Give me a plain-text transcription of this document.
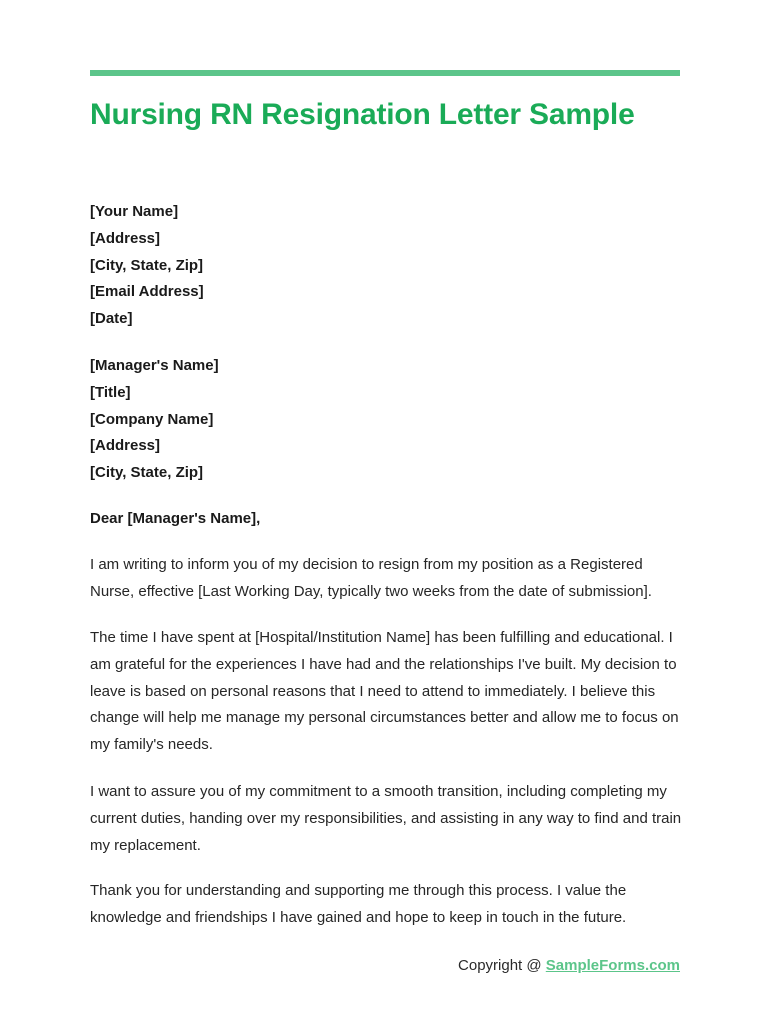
Nursing RN Resignation Letter Sample
[Your Name]
[Address]
[City, State, Zip]
[Email Address]
[Date]
[Manager's Name]
[Title]
[Company Name]
[Address]
[City, State, Zip]
Dear [Manager's Name],

I am writing to inform you of my decision to resign from my position as a Registered Nurse, effective [Last Working Day, typically two weeks from the date of submission].

The time I have spent at [Hospital/Institution Name] has been fulfilling and educational. I am grateful for the experiences I have had and the relationships I've built. My decision to leave is based on personal reasons that I need to attend to immediately. I believe this change will help me manage my personal circumstances better and allow me to focus on my family's needs.

I want to assure you of my commitment to a smooth transition, including completing my current duties, handing over my responsibilities, and assisting in any way to find and train my replacement.

Thank you for understanding and supporting me through this process. I value the knowledge and friendships I have gained and hope to keep in touch in the future.

Copyright @ SampleForms.com
